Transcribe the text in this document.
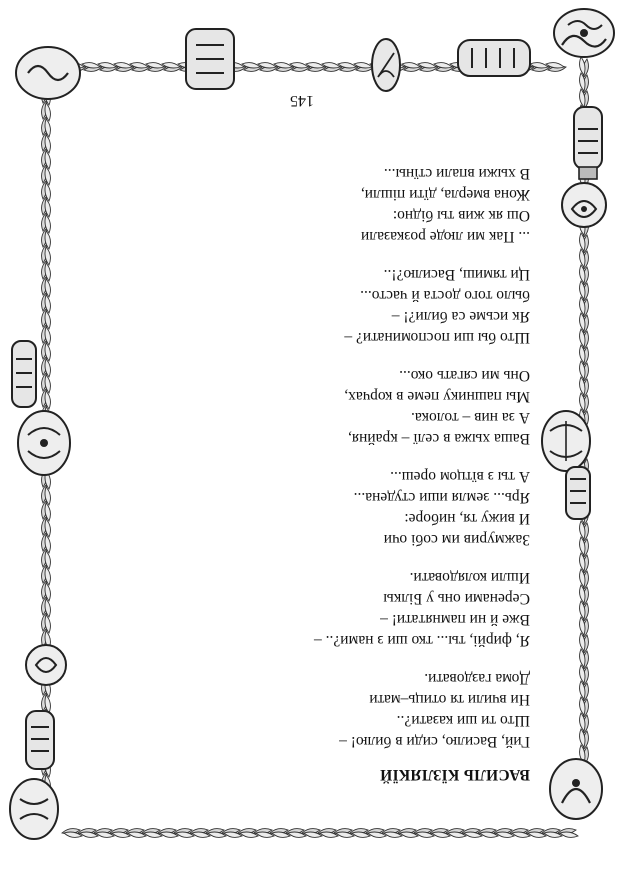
145
ВАСИЛЬ КЇЗЛЯКЇЙ
Гий, Василю, сиди в билю! –
Што ти ши казати?..
Ни вчили тя отиць–мати
Дома газдовати.
Я, фирйі, ты... тко ши з нами?.. –
Вже й ни памнятати! –
Серенами онь у Білкы
Ишли колядовати.
Зажмурив им собі очи
И вижу тя, ниборе:
Ярь... земля иши студена...
А ты з вїтцом ореш...
Ваша хыжа в селї – крайня,
А за нив – толока.
Мы пашнику пеме в корчах,
Онь ми сягать око...
Што бы ши поспоминати? –
Як исьме са били?! –
было того доста й часто...
Ци тямиш, Василю?!..
... Пак ми люде розказали
Ош як жив ты бідно:
Жона вмерла, дїти пішли,
В хыжи впали стїны...
